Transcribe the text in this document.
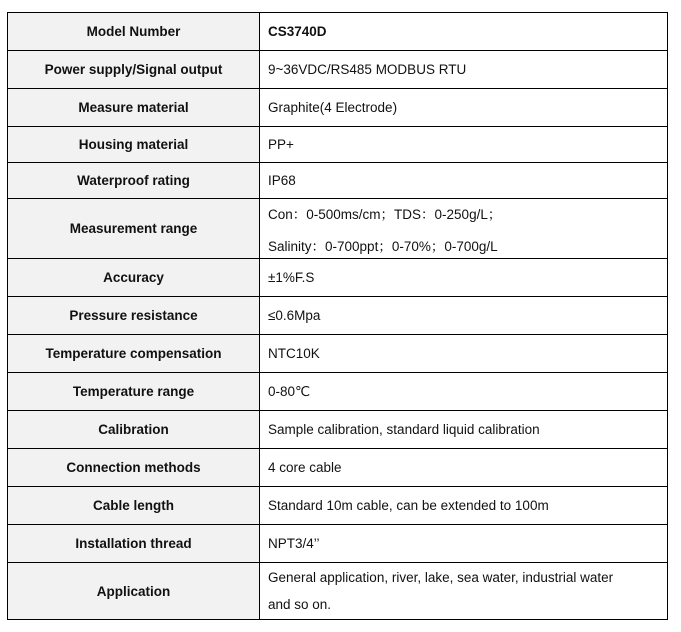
Model Number	CS3740D
Power supply/Signal output	9~36VDC/RS485 MODBUS RTU
Measure material	Graphite(4 Electrode)
Housing material	PP+
Waterproof rating	IP68
Measurement range	Con：0-500ms/cm；TDS：0-250g/L；
Salinity：0-700ppt；0-70%；0-700g/L

Accuracy	±1%F.S
Pressure resistance	≤0.6Mpa
Temperature compensation	NTC10K
Temperature range	0-80℃
Calibration	Sample calibration, standard liquid calibration
Connection methods	4 core cable
Cable length	Standard 10m cable, can be extended to 100m
Installation thread	NPT3/4’’
Application	General application, river, lake, sea water, industrial water
and so on.
